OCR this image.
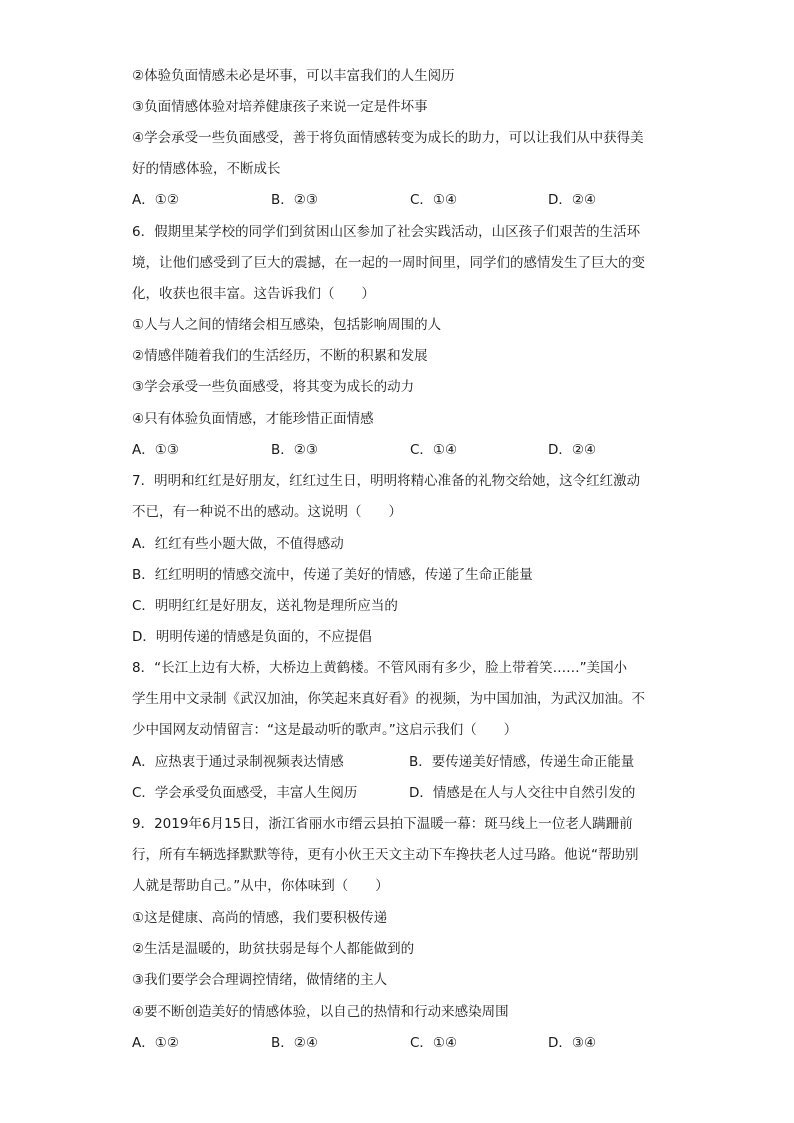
②体验负面情感未必是坏事，可以丰富我们的人生阅历
③负面情感体验对培养健康孩子来说一定是件坏事
④学会承受一些负面感受，善于将负面情感转变为成长的助力，可以让我们从中获得美
好的情感体验，不断成长
A．①②	B．②③	C．①④	D．②④
6．假期里某学校的同学们到贫困山区参加了社会实践活动，山区孩子们艰苦的生活环
境，让他们感受到了巨大的震撼，在一起的一周时间里，同学们的感情发生了巨大的变
化，收获也很丰富。这告诉我们（　　）
①人与人之间的情绪会相互感染，包括影响周围的人
②情感伴随着我们的生活经历，不断的积累和发展
③学会承受一些负面感受，将其变为成长的动力
④只有体验负面情感，才能珍惜正面情感
A．①③	B．②③	C．①④	D．②④
7．明明和红红是好朋友，红红过生日，明明将精心准备的礼物交给她，这令红红激动
不已，有一种说不出的感动。这说明（　　）
A．红红有些小题大做，不值得感动
B．红红明明的情感交流中，传递了美好的情感，传递了生命正能量
C．明明红红是好朋友，送礼物是理所应当的
D．明明传递的情感是负面的，不应提倡
8．“长江上边有大桥，大桥边上黄鹤楼。不管风雨有多少，脸上带着笑……”美国小
学生用中文录制《武汉加油，你笑起来真好看》的视频，为中国加油，为武汉加油。不
少中国网友动情留言：“这是最动听的歌声。”这启示我们（　　）
A．应热衷于通过录制视频表达情感	B．要传递美好情感，传递生命正能量
C．学会承受负面感受，丰富人生阅历	D．情感是在人与人交往中自然引发的
9．2019年6月15日，浙江省丽水市缙云县拍下温暖一幕：斑马线上一位老人蹒跚前
行，所有车辆选择默默等待，更有小伙王天文主动下车搀扶老人过马路。他说“帮助别
人就是帮助自己。”从中，你体味到（　　）
①这是健康、高尚的情感，我们要积极传递
②生活是温暖的，助贫扶弱是每个人都能做到的
③我们要学会合理调控情绪，做情绪的主人
④要不断创造美好的情感体验，以自己的热情和行动来感染周围
A．①②	B．②④	C．①④	D．③④
